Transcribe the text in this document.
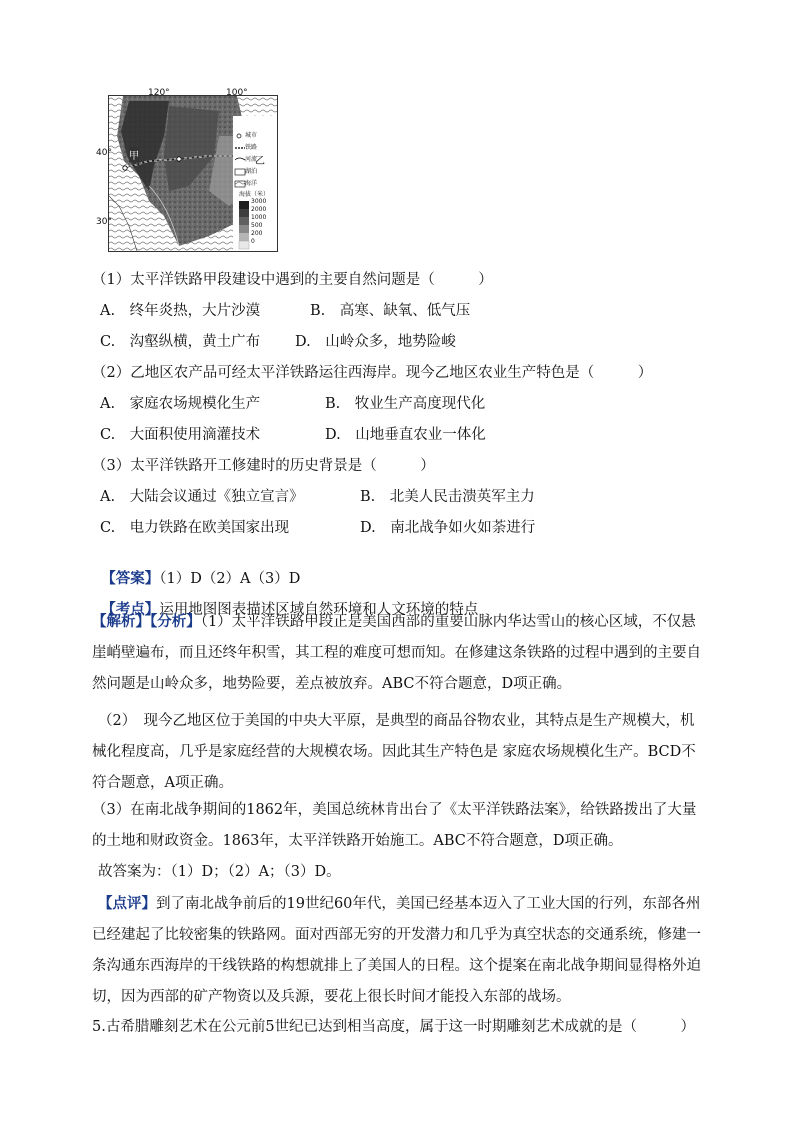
120°	100°
40°
30°
甲	乙
城市
铁路
河流
湖泊
海洋
海拔（米）
3000
2000
1000
500
200
0
（1）太平洋铁路甲段建设中遇到的主要自然问题是（　　　）
A.　终年炎热，大片沙漠	B.　高寒、缺氧、低气压
C.　沟壑纵横，黄土广布 D.　山岭众多，地势险峻
（2）乙地区农产品可经太平洋铁路运往西海岸。现今乙地区农业生产特色是（　　　）
A.　家庭农场规模化生产	B.　牧业生产高度现代化
C.　大面积使用滴灌技术	D.　山地垂直农业一体化
（3）太平洋铁路开工修建时的历史背景是（　　　）
A.　大陆会议通过《独立宣言》	B.　北美人民击溃英军主力
C.　电力铁路在欧美国家出现	D.　南北战争如火如荼进行

【答案】（1）D（2）A（3）D

【考点】运用地图图表描述区域自然环境和人文环境的特点

【解析】【分析】（1）太平洋铁路甲段正是美国西部的重要山脉内华达雪山的核心区域，不仅悬崖峭壁遍布，而且还终年积雪，其工程的难度可想而知。在修建这条铁路的过程中遇到的主要自然问题是山岭众多，地势险要，差点被放弃。ABC不符合题意，D项正确。
（2）　现今乙地区位于美国的中央大平原，是典型的商品谷物农业，其特点是生产规模大，机械化程度高，几乎是家庭经营的大规模农场。因此其生产特色是 家庭农场规模化生产。BCD不符合题意，A项正确。
（3）在南北战争期间的1862年，美国总统林肯出台了《太平洋铁路法案》，给铁路拨出了大量的土地和财政资金。1863年，太平洋铁路开始施工。ABC不符合题意，D项正确。
故答案为：（1）D；（2）A；（3）D。
【点评】到了南北战争前后的19世纪60年代，美国已经基本迈入了工业大国的行列，东部各州已经建起了比较密集的铁路网。面对西部无穷的开发潜力和几乎为真空状态的交通系统，修建一条沟通东西海岸的干线铁路的构想就排上了美国人的日程。这个提案在南北战争期间显得格外迫切，因为西部的矿产物资以及兵源，要花上很长时间才能投入东部的战场。
5.古希腊雕刻艺术在公元前5世纪已达到相当高度，属于这一时期雕刻艺术成就的是（　　　）
